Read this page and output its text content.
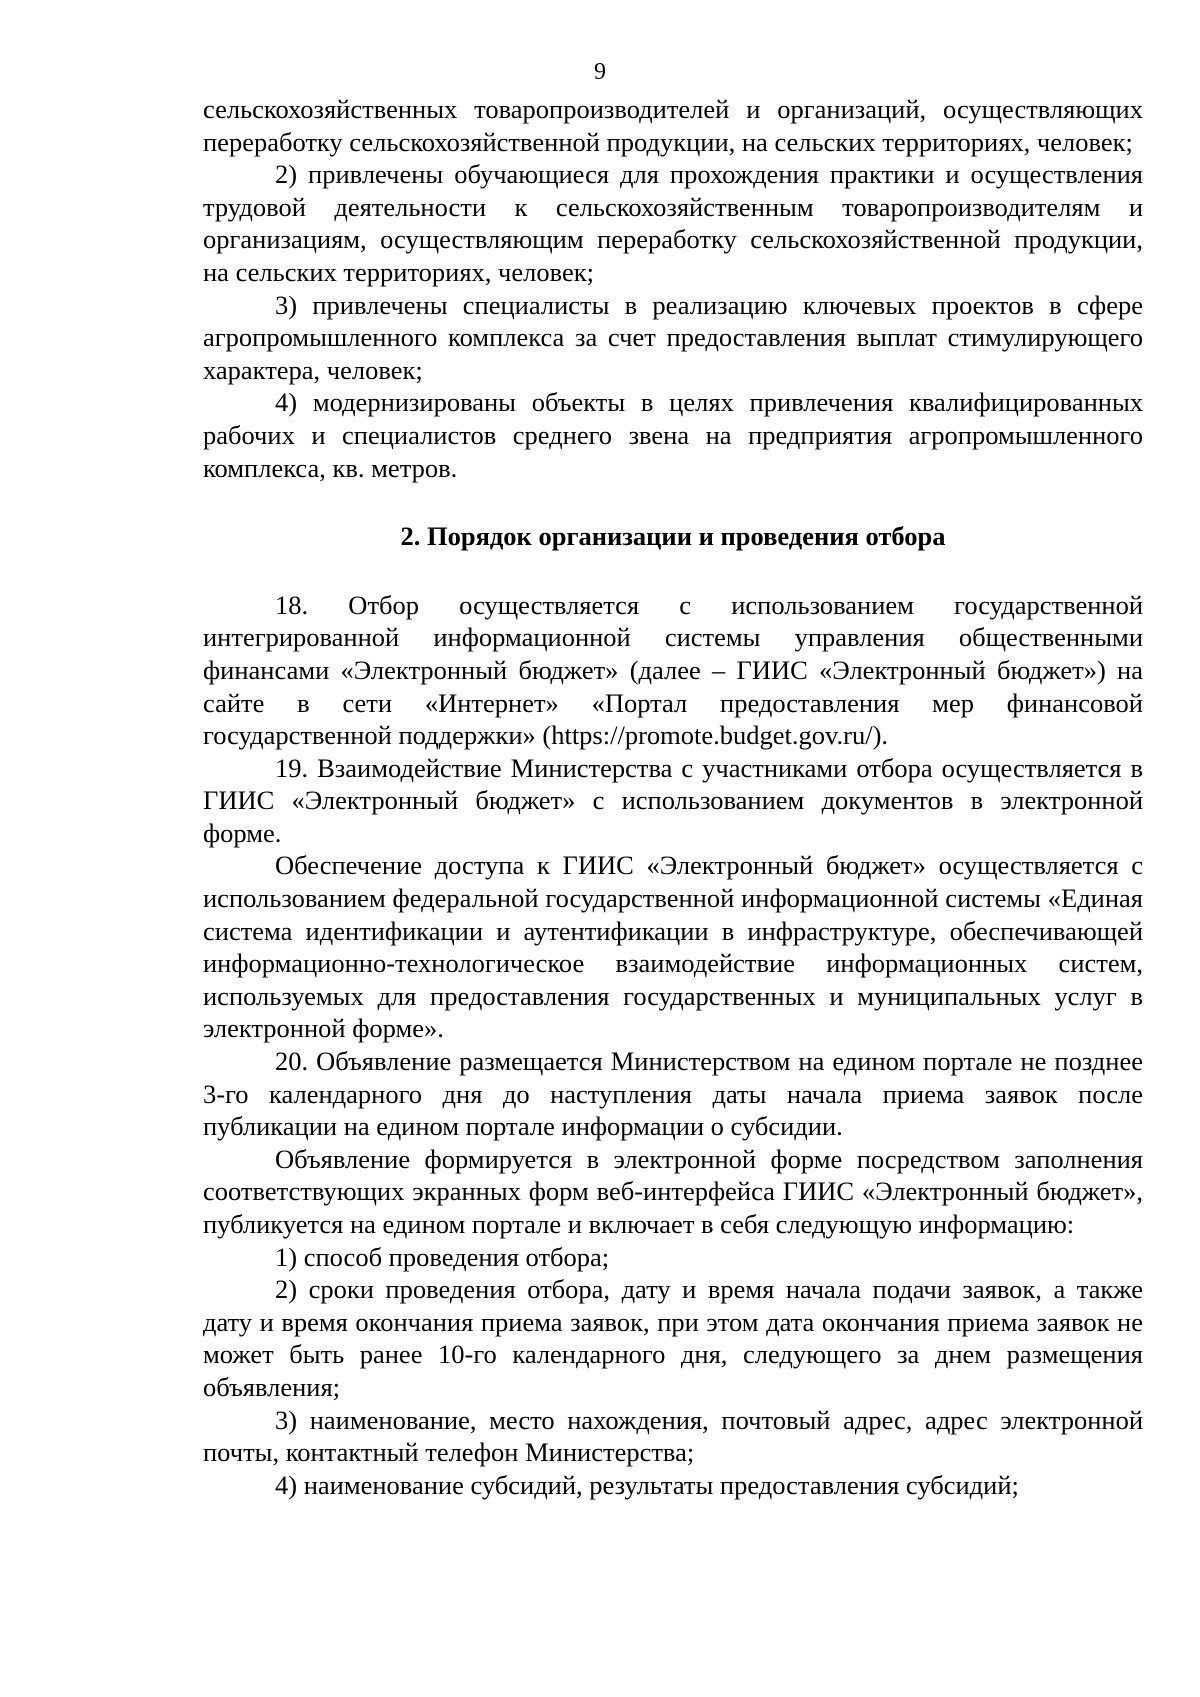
9

сельскохозяйственных товаропроизводителей и организаций, осуществляющих переработку сельскохозяйственной продукции, на сельских территориях, человек;

2) привлечены обучающиеся для прохождения практики и осуществления трудовой деятельности к сельскохозяйственным товаропроизводителям и организациям, осуществляющим переработку сельскохозяйственной продукции, на сельских территориях, человек;

3) привлечены специалисты в реализацию ключевых проектов в сфере агропромышленного комплекса за счет предоставления выплат стимулирующего характера, человек;

4) модернизированы объекты в целях привлечения квалифицированных рабочих и специалистов среднего звена на предприятия агропромышленного комплекса, кв. метров.

2. Порядок организации и проведения отбора

18. Отбор осуществляется с использованием государственной интегрированной информационной системы управления общественными финансами «Электронный бюджет» (далее – ГИИС «Электронный бюджет») на сайте в сети «Интернет» «Портал предоставления мер финансовой государственной поддержки» (https://promote.budget.gov.ru/).

19. Взаимодействие Министерства с участниками отбора осуществляется в ГИИС «Электронный бюджет» с использованием документов в электронной форме.

Обеспечение доступа к ГИИС «Электронный бюджет» осуществляется с использованием федеральной государственной информационной системы «Единая система идентификации и аутентификации в инфраструктуре, обеспечивающей информационно-технологическое взаимодействие информационных систем, используемых для предоставления государственных и муниципальных услуг в электронной форме».

20. Объявление размещается Министерством на едином портале не позднее 3-го календарного дня до наступления даты начала приема заявок после публикации на едином портале информации о субсидии.

Объявление формируется в электронной форме посредством заполнения соответствующих экранных форм веб-интерфейса ГИИС «Электронный бюджет», публикуется на едином портале и включает в себя следующую информацию:

1) способ проведения отбора;

2) сроки проведения отбора, дату и время начала подачи заявок, а также дату и время окончания приема заявок, при этом дата окончания приема заявок не может быть ранее 10-го календарного дня, следующего за днем размещения объявления;

3) наименование, место нахождения, почтовый адрес, адрес электронной почты, контактный телефон Министерства;

4) наименование субсидий, результаты предоставления субсидий;
